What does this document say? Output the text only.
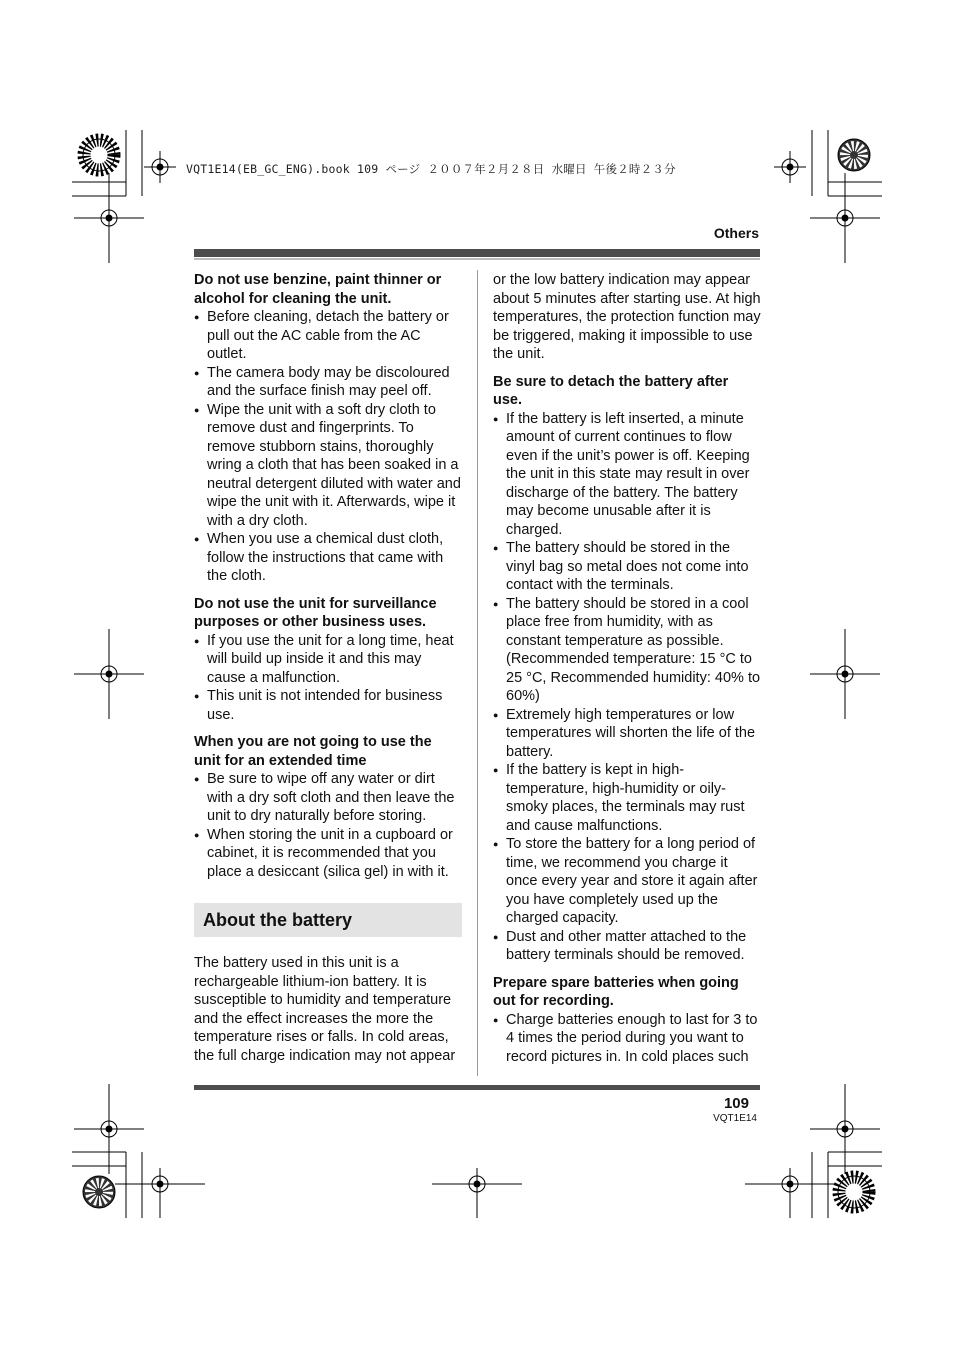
VQT1E14(EB_GC_ENG).book 109 ページ ２００７年２月２８日 水曜日 午後２時２３分
Others

Do not use benzine, paint thinner or alcohol for cleaning the unit.

● Before cleaning, detach the battery or pull out the AC cable from the AC outlet.
● The camera body may be discoloured and the surface finish may peel off.
● Wipe the unit with a soft dry cloth to remove dust and fingerprints. To remove stubborn stains, thoroughly wring a cloth that has been soaked in a neutral detergent diluted with water and wipe the unit with it. Afterwards, wipe it with a dry cloth.
● When you use a chemical dust cloth, follow the instructions that came with the cloth.

Do not use the unit for surveillance purposes or other business uses.

● If you use the unit for a long time, heat will build up inside it and this may cause a malfunction.
● This unit is not intended for business use.

When you are not going to use the unit for an extended time

● Be sure to wipe off any water or dirt with a dry soft cloth and then leave the unit to dry naturally before storing.
● When storing the unit in a cupboard or cabinet, it is recommended that you place a desiccant (silica gel) in with it.
About the battery

The battery used in this unit is a rechargeable lithium-ion battery. It is susceptible to humidity and temperature and the effect increases the more the temperature rises or falls. In cold areas, the full charge indication may not appear

or the low battery indication may appear about 5 minutes after starting use. At high temperatures, the protection function may be triggered, making it impossible to use the unit.

Be sure to detach the battery after use.

● If the battery is left inserted, a minute amount of current continues to flow even if the unit’s power is off. Keeping the unit in this state may result in over discharge of the battery. The battery may become unusable after it is charged.
● The battery should be stored in the vinyl bag so metal does not come into contact with the terminals.
● The battery should be stored in a cool place free from humidity, with as constant temperature as possible. (Recommended temperature: 15 °C to 25 °C, Recommended humidity: 40% to 60%)
● Extremely high temperatures or low temperatures will shorten the life of the battery.
● If the battery is kept in high-temperature, high-humidity or oily-smoky places, the terminals may rust and cause malfunctions.
● To store the battery for a long period of time, we recommend you charge it once every year and store it again after you have completely used up the charged capacity.
● Dust and other matter attached to the battery terminals should be removed.

Prepare spare batteries when going out for recording.

● Charge batteries enough to last for 3 to 4 times the period during you want to record pictures in. In cold places such
109
VQT1E14
